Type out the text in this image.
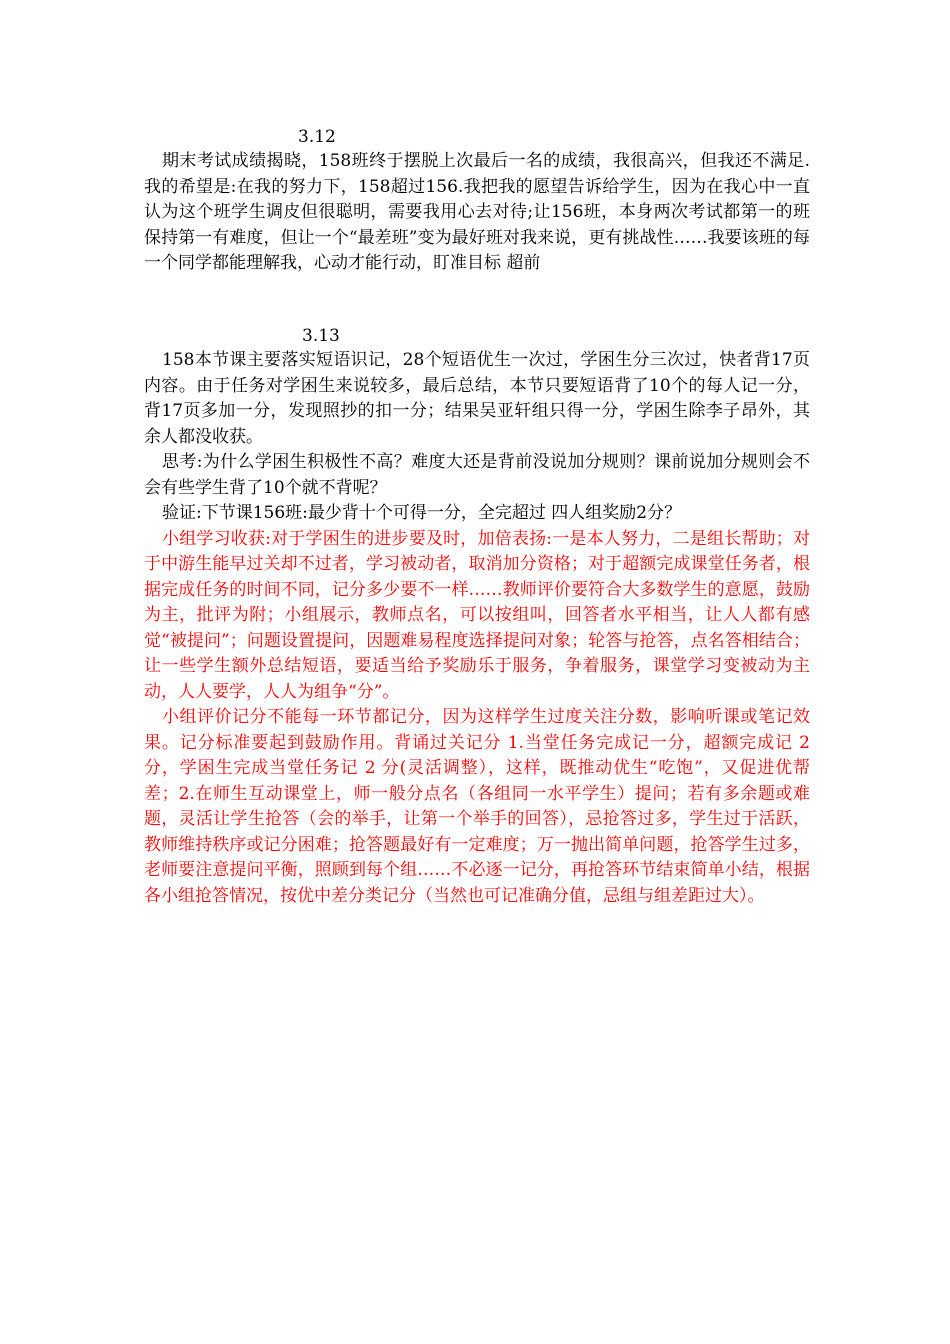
3.12

期末考试成绩揭晓，158班终于摆脱上次最后一名的成绩，我很高兴，但我还不满足.我的希望是:在我的努力下，158超过156.我把我的愿望告诉给学生，因为在我心中一直认为这个班学生调皮但很聪明，需要我用心去对待;让156班，本身两次考试都第一的班保持第一有难度，但让一个“最差班”变为最好班对我来说，更有挑战性……我要该班的每一个同学都能理解我，心动才能行动，盯准目标 超前

3.13

158本节课主要落实短语识记，28个短语优生一次过，学困生分三次过，快者背17页内容。由于任务对学困生来说较多，最后总结，本节只要短语背了10个的每人记一分，背17页多加一分，发现照抄的扣一分；结果吴亚轩组只得一分，学困生除李子昂外，其余人都没收获。

思考:为什么学困生积极性不高？难度大还是背前没说加分规则？课前说加分规则会不会有些学生背了10个就不背呢？

验证:下节课156班:最少背十个可得一分，全完超过 四人组奖励2分？

小组学习收获:对于学困生的进步要及时，加倍表扬:一是本人努力，二是组长帮助；对于中游生能早过关却不过者，学习被动者，取消加分资格；对于超额完成课堂任务者，根据完成任务的时间不同，记分多少要不一样……教师评价要符合大多数学生的意愿，鼓励为主，批评为附；小组展示，教师点名，可以按组叫，回答者水平相当，让人人都有感觉“被提问”；问题设置提问，因题难易程度选择提问对象；轮答与抢答，点名答相结合；让一些学生额外总结短语，要适当给予奖励乐于服务，争着服务，课堂学习变被动为主动，人人要学，人人为组争“分”。

小组评价记分不能每一环节都记分，因为这样学生过度关注分数，影响听课或笔记效果。记分标准要起到鼓励作用。背诵过关记分 1.当堂任务完成记一分，超额完成记 2 分，学困生完成当堂任务记 2 分(灵活调整），这样，既推动优生“吃饱”，又促进优帮差；2.在师生互动课堂上，师一般分点名（各组同一水平学生）提问；若有多余题或难题，灵活让学生抢答（会的举手，让第一个举手的回答），忌抢答过多，学生过于活跃，教师维持秩序或记分困难；抢答题最好有一定难度；万一抛出简单问题，抢答学生过多，老师要注意提问平衡，照顾到每个组……不必逐一记分，再抢答环节结束简单小结，根据各小组抢答情况，按优中差分类记分（当然也可记准确分值，忌组与组差距过大）。
